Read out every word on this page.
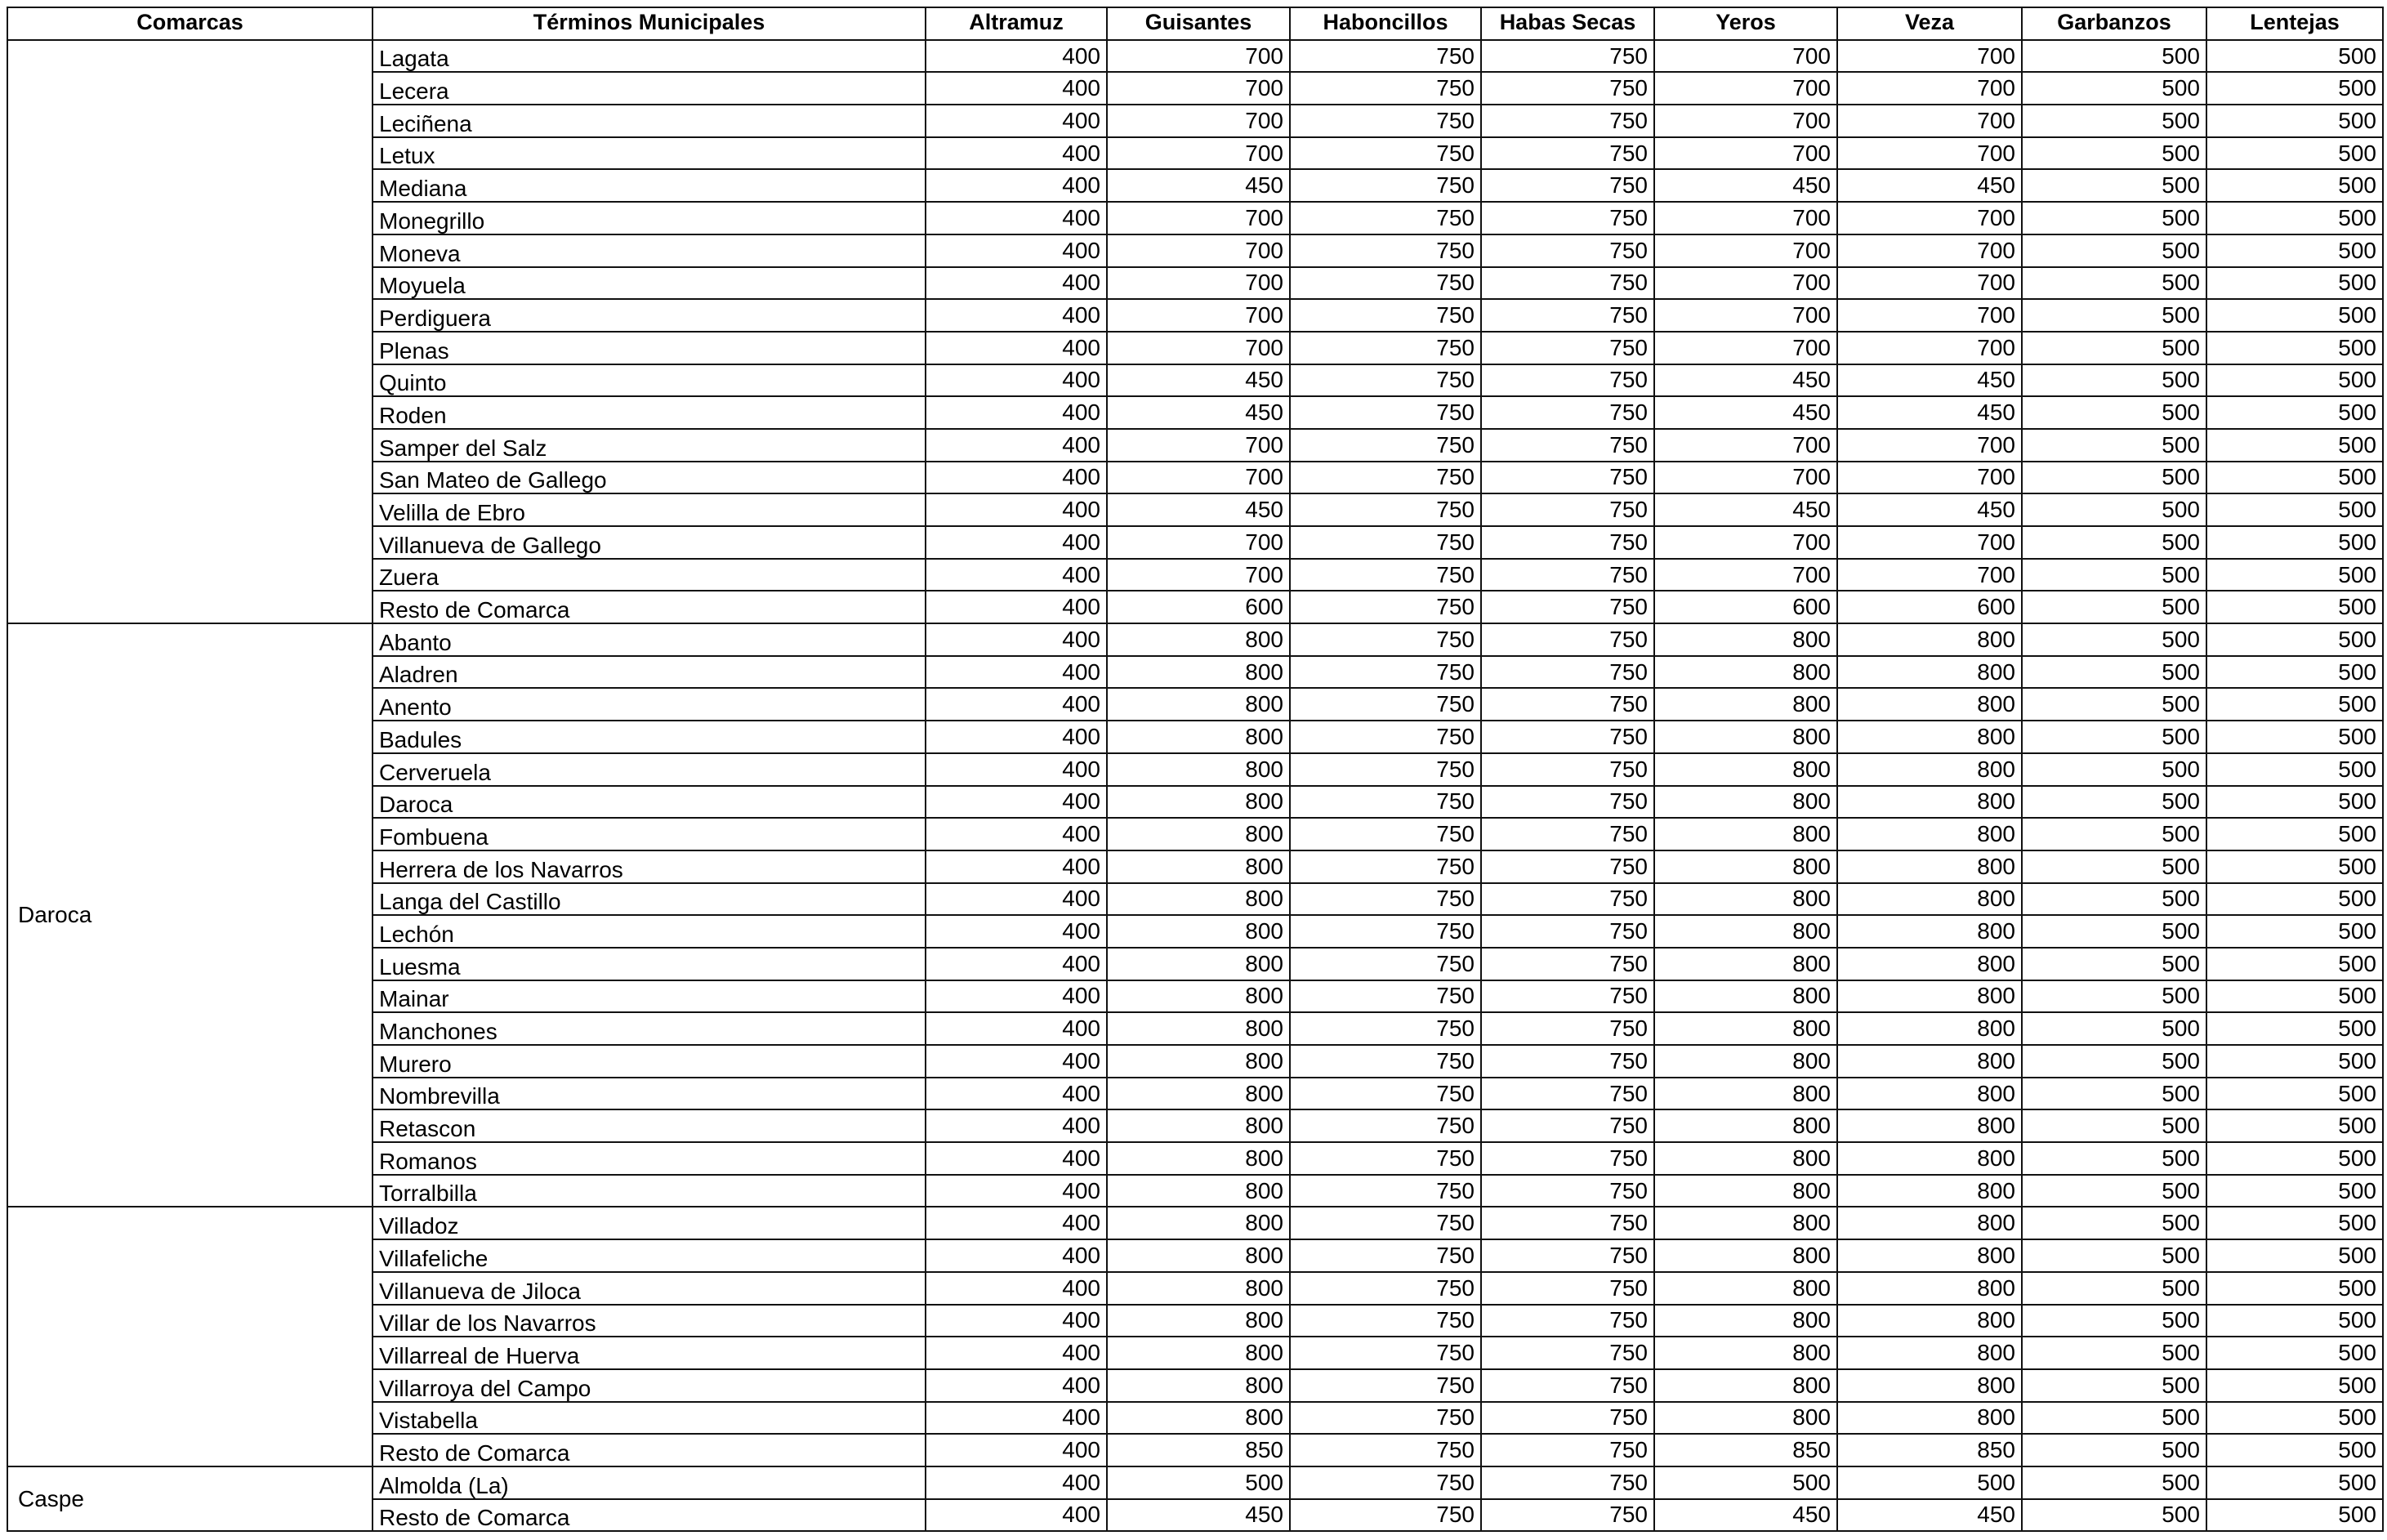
Comarcas	Términos Municipales	Altramuz	Guisantes	Haboncillos	Habas Secas	Yeros	Veza	Garbanzos	Lentejas
	Lagata	400	700	750	750	700	700	500	500
	Lecera	400	700	750	750	700	700	500	500
	Leciñena	400	700	750	750	700	700	500	500
	Letux	400	700	750	750	700	700	500	500
	Mediana	400	450	750	750	450	450	500	500
	Monegrillo	400	700	750	750	700	700	500	500
	Moneva	400	700	750	750	700	700	500	500
	Moyuela	400	700	750	750	700	700	500	500
	Perdiguera	400	700	750	750	700	700	500	500
	Plenas	400	700	750	750	700	700	500	500
	Quinto	400	450	750	750	450	450	500	500
	Roden	400	450	750	750	450	450	500	500
	Samper del Salz	400	700	750	750	700	700	500	500
	San Mateo de Gallego	400	700	750	750	700	700	500	500
	Velilla de Ebro	400	450	750	750	450	450	500	500
	Villanueva de Gallego	400	700	750	750	700	700	500	500
	Zuera	400	700	750	750	700	700	500	500
	Resto de Comarca	400	600	750	750	600	600	500	500
Daroca	Abanto	400	800	750	750	800	800	500	500
	Aladren	400	800	750	750	800	800	500	500
	Anento	400	800	750	750	800	800	500	500
	Badules	400	800	750	750	800	800	500	500
	Cerveruela	400	800	750	750	800	800	500	500
	Daroca	400	800	750	750	800	800	500	500
	Fombuena	400	800	750	750	800	800	500	500
	Herrera de los Navarros	400	800	750	750	800	800	500	500
	Langa del Castillo	400	800	750	750	800	800	500	500
	Lechón	400	800	750	750	800	800	500	500
	Luesma	400	800	750	750	800	800	500	500
	Mainar	400	800	750	750	800	800	500	500
	Manchones	400	800	750	750	800	800	500	500
	Murero	400	800	750	750	800	800	500	500
	Nombrevilla	400	800	750	750	800	800	500	500
	Retascon	400	800	750	750	800	800	500	500
	Romanos	400	800	750	750	800	800	500	500
	Torralbilla	400	800	750	750	800	800	500	500
	Villadoz	400	800	750	750	800	800	500	500
	Villafeliche	400	800	750	750	800	800	500	500
	Villanueva de Jiloca	400	800	750	750	800	800	500	500
	Villar de los Navarros	400	800	750	750	800	800	500	500
	Villarreal de Huerva	400	800	750	750	800	800	500	500
	Villarroya del Campo	400	800	750	750	800	800	500	500
	Vistabella	400	800	750	750	800	800	500	500
	Resto de Comarca	400	850	750	750	850	850	500	500
Caspe	Almolda (La)	400	500	750	750	500	500	500	500
	Resto de Comarca	400	450	750	750	450	450	500	500
